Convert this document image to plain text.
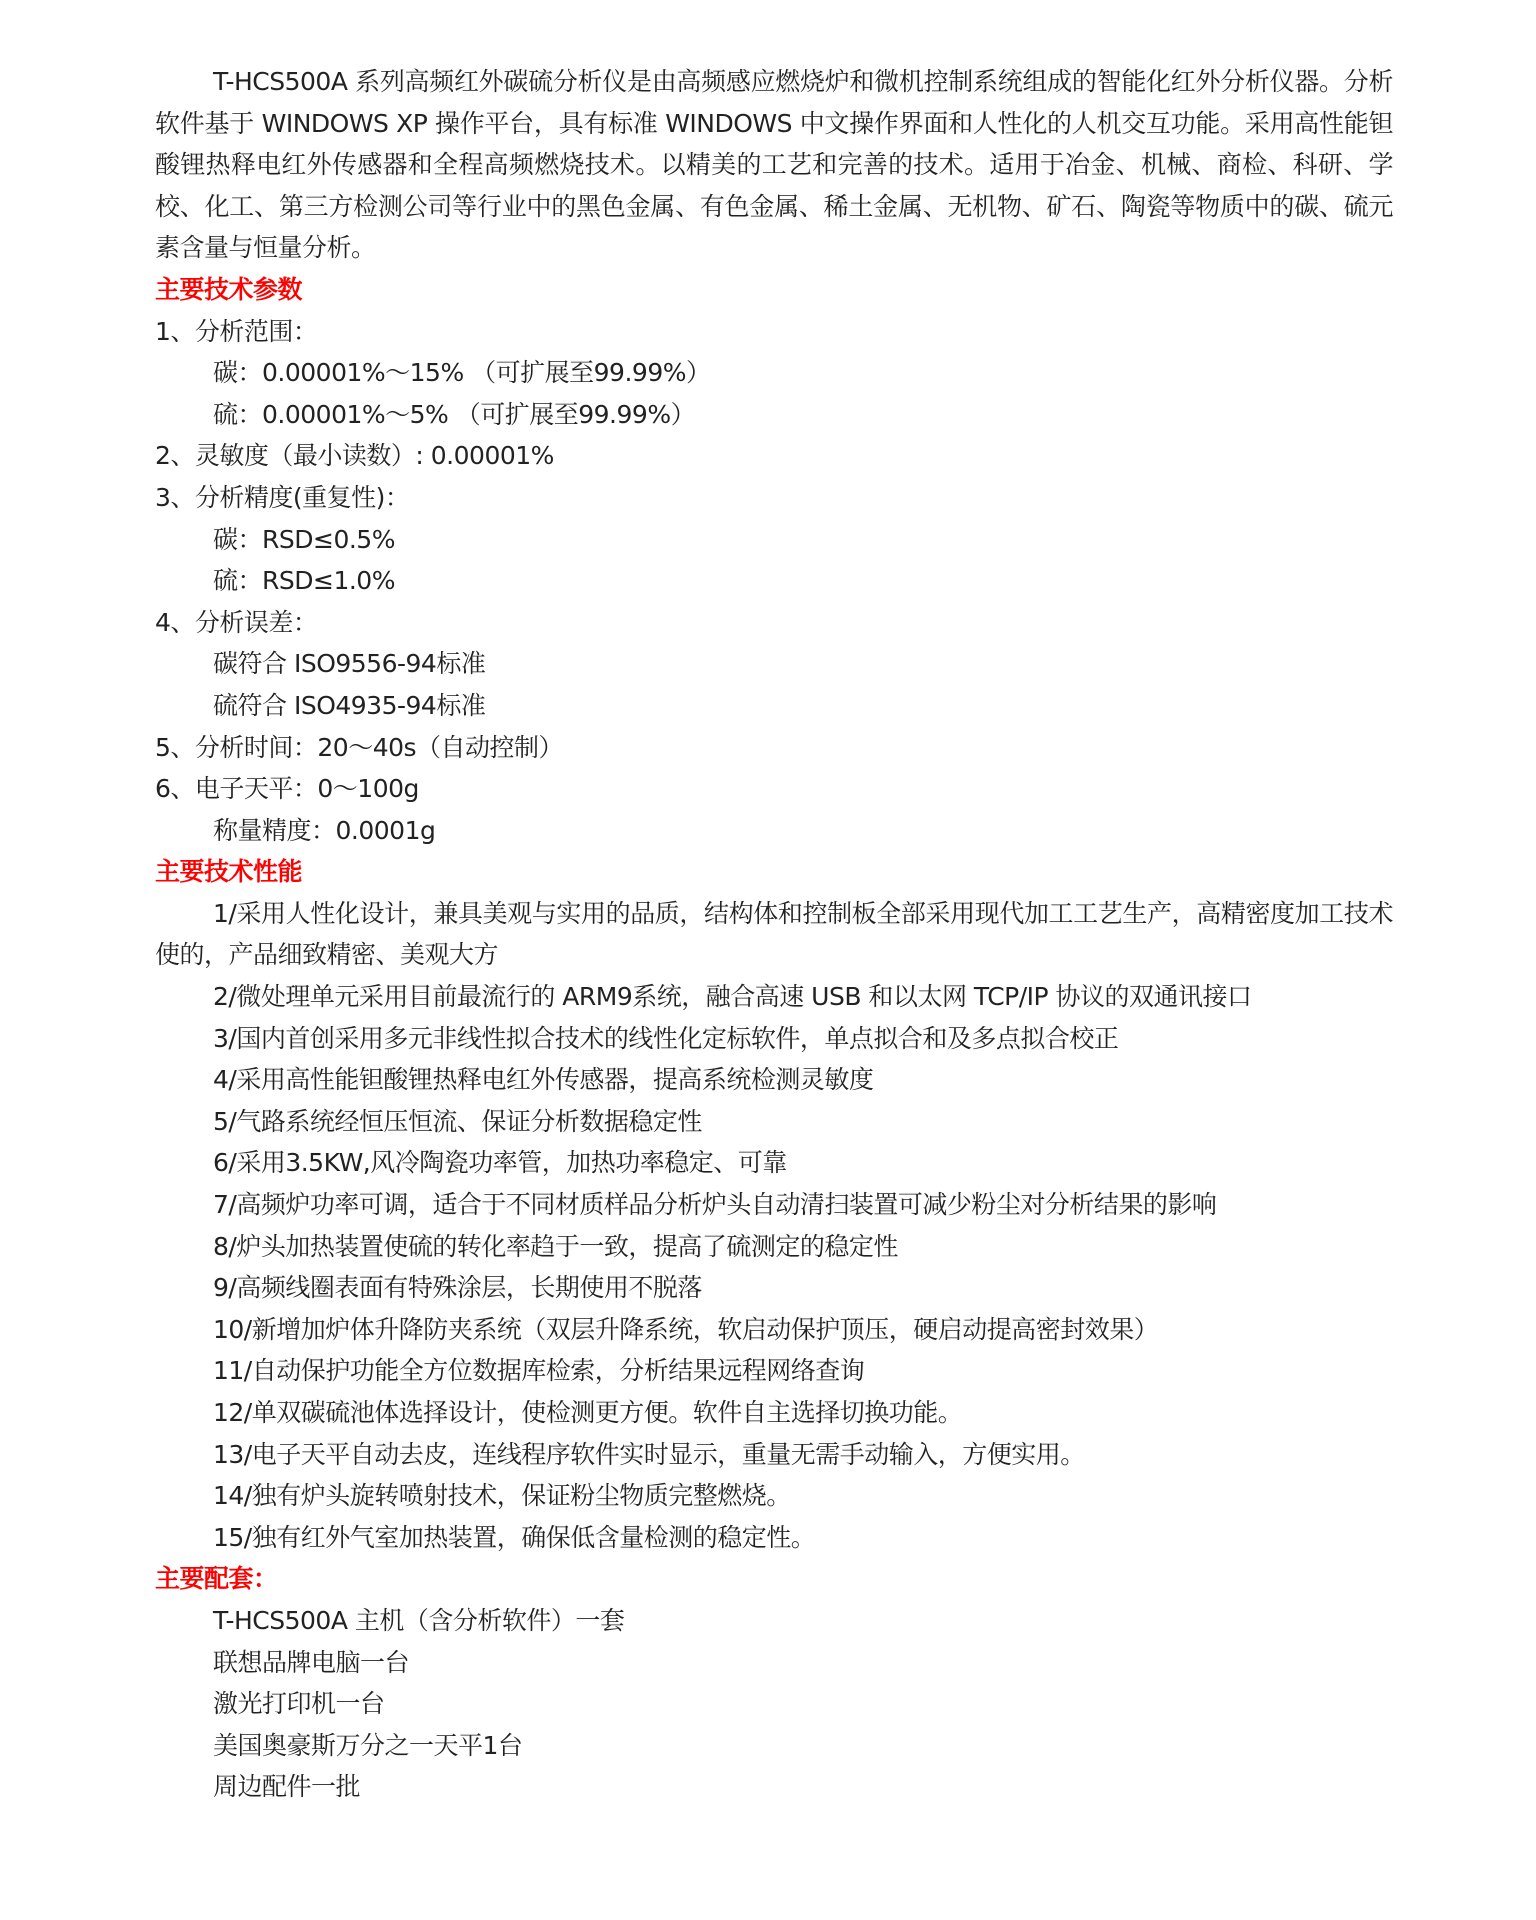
T-HCS500A 系列高频红外碳硫分析仪是由高频感应燃烧炉和微机控制系统组成的智能化红外分析仪器。分析软件基于 WINDOWS XP 操作平台，具有标准 WINDOWS 中文操作界面和人性化的人机交互功能。采用高性能钽酸锂热释电红外传感器和全程高频燃烧技术。以精美的工艺和完善的技术。适用于冶金、机械、商检、科研、学校、化工、第三方检测公司等行业中的黑色金属、有色金属、稀土金属、无机物、矿石、陶瓷等物质中的碳、硫元素含量与恒量分析。

主要技术参数
1、分析范围：
碳：0.00001%～15% （可扩展至99.99%）
硫：0.00001%～5% （可扩展至99.99%）
2、灵敏度（最小读数）: 0.00001%
3、分析精度(重复性)：
碳：RSD≤0.5%
硫：RSD≤1.0%
4、分析误差：
碳符合 ISO9556-94标准
硫符合 ISO4935-94标准
5、分析时间：20～40s（自动控制）
6、电子天平：0～100g
称量精度：0.0001g
主要技术性能
1/采用人性化设计，兼具美观与实用的品质，结构体和控制板全部采用现代加工工艺生产，高精密度加工技术使的，产品细致精密、美观大方
2/微处理单元采用目前最流行的 ARM9系统，融合高速 USB 和以太网 TCP/IP 协议的双通讯接口
3/国内首创采用多元非线性拟合技术的线性化定标软件，单点拟合和及多点拟合校正
4/采用高性能钽酸锂热释电红外传感器，提高系统检测灵敏度
5/气路系统经恒压恒流、保证分析数据稳定性
6/采用3.5KW,风冷陶瓷功率管，加热功率稳定、可靠
7/高频炉功率可调，适合于不同材质样品分析炉头自动清扫装置可减少粉尘对分析结果的影响
8/炉头加热装置使硫的转化率趋于一致，提高了硫测定的稳定性
9/高频线圈表面有特殊涂层，长期使用不脱落
10/新增加炉体升降防夹系统（双层升降系统，软启动保护顶压，硬启动提高密封效果）
11/自动保护功能全方位数据库检索，分析结果远程网络查询
12/单双碳硫池体选择设计，使检测更方便。软件自主选择切换功能。
13/电子天平自动去皮，连线程序软件实时显示，重量无需手动输入，方便实用。
14/独有炉头旋转喷射技术，保证粉尘物质完整燃烧。
15/独有红外气室加热装置，确保低含量检测的稳定性。
主要配套：
T-HCS500A 主机（含分析软件）一套
联想品牌电脑一台
激光打印机一台
美国奥豪斯万分之一天平1台
周边配件一批
